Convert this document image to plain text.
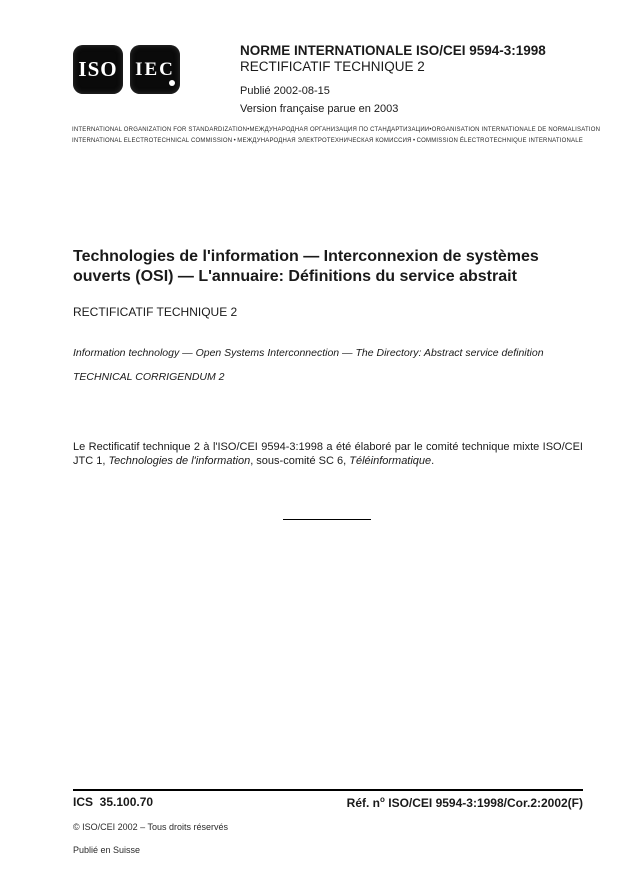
ISO IEC
NORME INTERNATIONALE ISO/CEI 9594-3:1998
RECTIFICATIF TECHNIQUE 2
Publié 2002-08-15
Version française parue en 2003
INTERNATIONAL ORGANIZATION FOR STANDARDIZATION • МЕЖДУНАРОДНАЯ ОРГАНИЗАЦИЯ ПО СТАНДАРТИЗАЦИИ • ORGANISATION INTERNATIONALE DE NORMALISATION
INTERNATIONAL ELECTROTECHNICAL COMMISSION • МЕЖДУНАРОДНАЯ ЭЛЕКТРОТЕХНИЧЕСКАЯ КОМИССИЯ • COMMISSION ÉLECTROTECHNIQUE INTERNATIONALE
Technologies de l'information — Interconnexion de systèmes ouverts (OSI) — L'annuaire: Définitions du service abstrait
RECTIFICATIF TECHNIQUE 2
Information technology — Open Systems Interconnection — The Directory: Abstract service definition
TECHNICAL CORRIGENDUM 2

Le Rectificatif technique 2 à l'ISO/CEI 9594-3:1998 a été élaboré par le comité technique mixte ISO/CEI JTC 1, Technologies de l'information, sous-comité SC 6, Téléinformatique.

ICS  35.100.70	Réf. $n^o$ ISO/CEI 9594-3:1998/Cor.2:2002(F)
© ISO/CEI 2002 – Tous droits réservés
Publié en Suisse
